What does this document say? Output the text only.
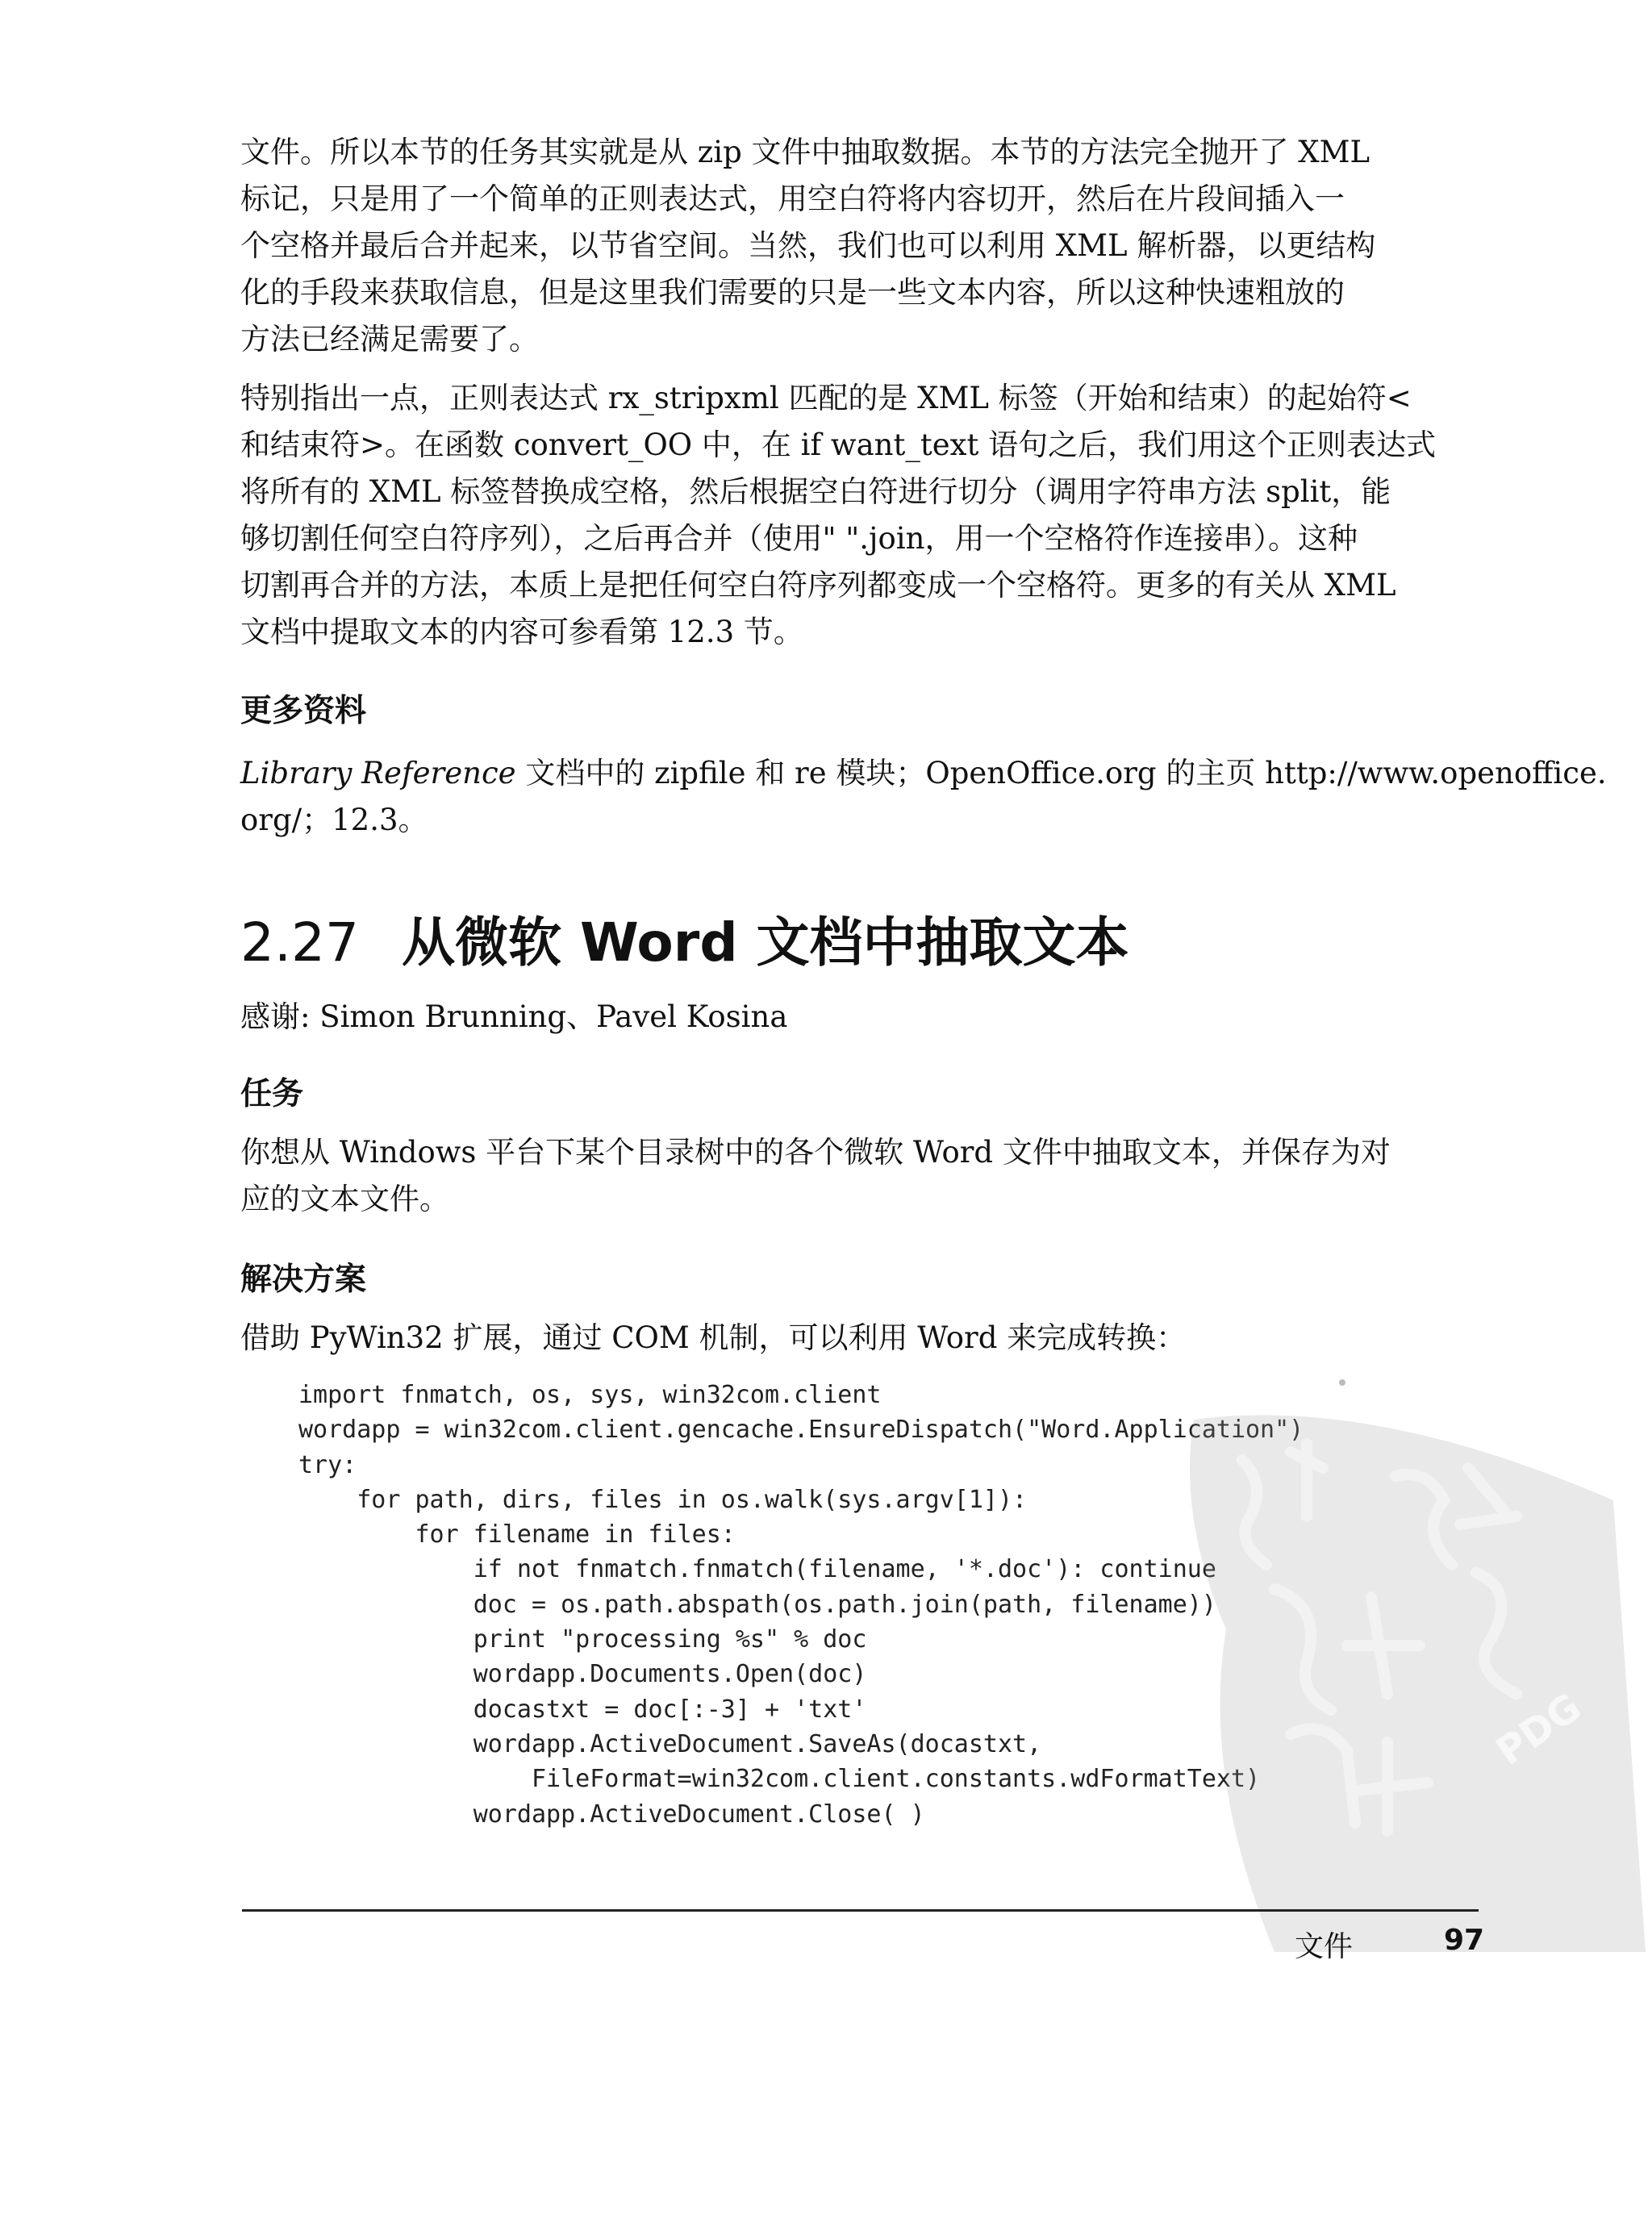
文件。所以本节的任务其实就是从 zip 文件中抽取数据。本节的方法完全抛开了 XML
标记，只是用了一个简单的正则表达式，用空白符将内容切开，然后在片段间插入一
个空格并最后合并起来，以节省空间。当然，我们也可以利用 XML 解析器，以更结构
化的手段来获取信息，但是这里我们需要的只是一些文本内容，所以这种快速粗放的
方法已经满足需要了。

特别指出一点，正则表达式 rx_stripxml 匹配的是 XML 标签（开始和结束）的起始符<
和结束符>。在函数 convert_OO 中，在 if want_text 语句之后，我们用这个正则表达式
将所有的 XML 标签替换成空格，然后根据空白符进行切分（调用字符串方法 split，能
够切割任何空白符序列），之后再合并（使用" ".join，用一个空格符作连接串）。这种
切割再合并的方法，本质上是把任何空白符序列都变成一个空格符。更多的有关从 XML
文档中提取文本的内容可参看第 12.3 节。

更多资料

Library Reference 文档中的 zipfile 和 re 模块；OpenOffice.org 的主页 http://www.openoffice.
org/；12.3。

2.27 从微软 Word 文档中抽取文本

感谢: Simon Brunning、Pavel Kosina

任务

你想从 Windows 平台下某个目录树中的各个微软 Word 文件中抽取文本，并保存为对
应的文本文件。

解决方案

借助 PyWin32 扩展，通过 COM 机制，可以利用 Word 来完成转换：

import fnmatch, os, sys, win32com.client
wordapp = win32com.client.gencache.EnsureDispatch("Word.Application")
try:
for path, dirs, files in os.walk(sys.argv[1]):
for filename in files:
if not fnmatch.fnmatch(filename, '*.doc'): continue
doc = os.path.abspath(os.path.join(path, filename))
print "processing %s" % doc
wordapp.Documents.Open(doc)
docastxt = doc[:-3] + 'txt'
wordapp.ActiveDocument.SaveAs(docastxt,
FileFormat=win32com.client.constants.wdFormatText)
wordapp.ActiveDocument.Close( )
PDG
文件	97
